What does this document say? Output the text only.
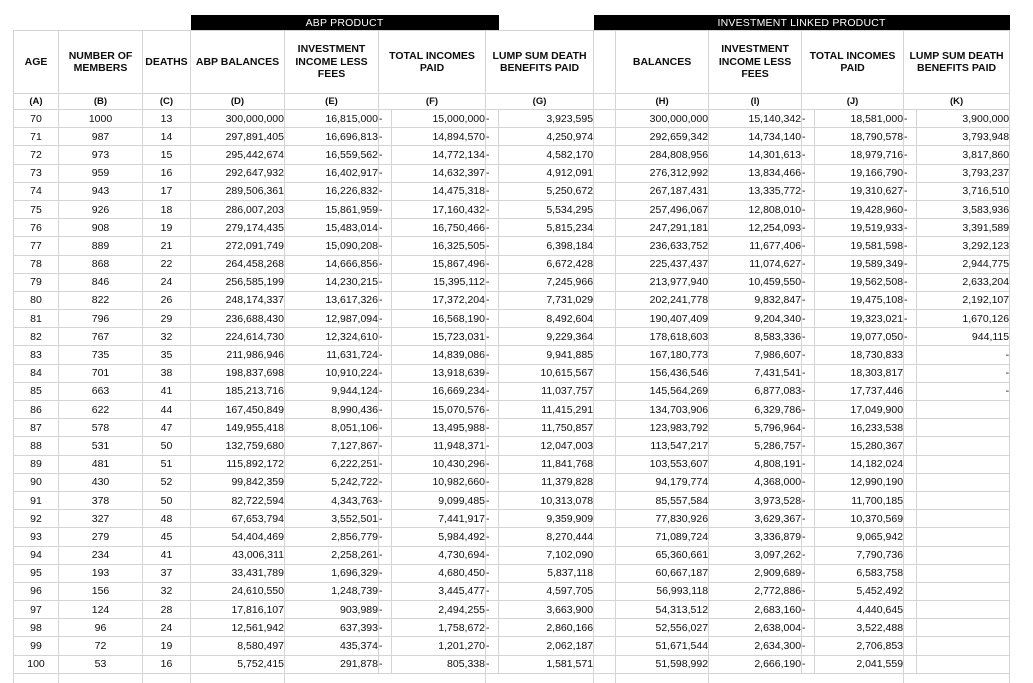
			ABP PRODUCT						INVESTMENT LINKED PRODUCT						
AGE	NUMBER OF MEMBERS	DEATHS	ABP BALANCES	INVESTMENT INCOME LESS FEES	TOTAL INCOMES PAID		LUMP SUM DEATH BENEFITS PAID			BALANCES	INVESTMENT INCOME LESS FEES	TOTAL INCOMES PAID		LUMP SUM DEATH BENEFITS PAID	
(A)	(B)	(C)	(D)	(E)	(F)		(G)			(H)	(I)	(J)		(K)	
70	1000	13	300,000,000	16,815,000	-	15,000,000	-	3,923,595		300,000,000	15,140,342	-	18,581,000	-	3,900,000
71	987	14	297,891,405	16,696,813	-	14,894,570	-	4,250,974		292,659,342	14,734,140	-	18,790,578	-	3,793,948
72	973	15	295,442,674	16,559,562	-	14,772,134	-	4,582,170		284,808,956	14,301,613	-	18,979,716	-	3,817,860
73	959	16	292,647,932	16,402,917	-	14,632,397	-	4,912,091		276,312,992	13,834,466	-	19,166,790	-	3,793,237
74	943	17	289,506,361	16,226,832	-	14,475,318	-	5,250,672		267,187,431	13,335,772	-	19,310,627	-	3,716,510
75	926	18	286,007,203	15,861,959	-	17,160,432	-	5,534,295		257,496,067	12,808,010	-	19,428,960	-	3,583,936
76	908	19	279,174,435	15,483,014	-	16,750,466	-	5,815,234		247,291,181	12,254,093	-	19,519,933	-	3,391,589
77	889	21	272,091,749	15,090,208	-	16,325,505	-	6,398,184		236,633,752	11,677,406	-	19,581,598	-	3,292,123
78	868	22	264,458,268	14,666,856	-	15,867,496	-	6,672,428		225,437,437	11,074,627	-	19,589,349	-	2,944,775
79	846	24	256,585,199	14,230,215	-	15,395,112	-	7,245,966		213,977,940	10,459,550	-	19,562,508	-	2,633,204
80	822	26	248,174,337	13,617,326	-	17,372,204	-	7,731,029		202,241,778	9,832,847	-	19,475,108	-	2,192,107
81	796	29	236,688,430	12,987,094	-	16,568,190	-	8,492,604		190,407,409	9,204,340	-	19,323,021	-	1,670,126
82	767	32	224,614,730	12,324,610	-	15,723,031	-	9,229,364		178,618,603	8,583,336	-	19,077,050	-	944,115
83	735	35	211,986,946	11,631,724	-	14,839,086	-	9,941,885		167,180,773	7,986,607	-	18,730,833		-
84	701	38	198,837,698	10,910,224	-	13,918,639	-	10,615,567		156,436,546	7,431,541	-	18,303,817		-
85	663	41	185,213,716	9,944,124	-	16,669,234	-	11,037,757		145,564,269	6,877,083	-	17,737,446		-
86	622	44	167,450,849	8,990,436	-	15,070,576	-	11,415,291		134,703,906	6,329,786	-	17,049,900		
87	578	47	149,955,418	8,051,106	-	13,495,988	-	11,750,857		123,983,792	5,796,964	-	16,233,538		
88	531	50	132,759,680	7,127,867	-	11,948,371	-	12,047,003		113,547,217	5,286,757	-	15,280,367		
89	481	51	115,892,172	6,222,251	-	10,430,296	-	11,841,768		103,553,607	4,808,191	-	14,182,024		
90	430	52	99,842,359	5,242,722	-	10,982,660	-	11,379,828		94,179,774	4,368,000	-	12,990,190		
91	378	50	82,722,594	4,343,763	-	9,099,485	-	10,313,078		85,557,584	3,973,528	-	11,700,185		
92	327	48	67,653,794	3,552,501	-	7,441,917	-	9,359,909		77,830,926	3,629,367	-	10,370,569		
93	279	45	54,404,469	2,856,779	-	5,984,492	-	8,270,444		71,089,724	3,336,879	-	9,065,942		
94	234	41	43,006,311	2,258,261	-	4,730,694	-	7,102,090		65,360,661	3,097,262	-	7,790,736		
95	193	37	33,431,789	1,696,329	-	4,680,450	-	5,837,118		60,667,187	2,909,689	-	6,583,758		
96	156	32	24,610,550	1,248,739	-	3,445,477	-	4,597,705		56,993,118	2,772,886	-	5,452,492		
97	124	28	17,816,107	903,989	-	2,494,255	-	3,663,900		54,313,512	2,683,160	-	4,440,645		
98	96	24	12,561,942	637,393	-	1,758,672	-	2,860,166		52,556,027	2,638,004	-	3,522,488		
99	72	19	8,580,497	435,374	-	1,201,270	-	2,062,187		51,671,544	2,634,300	-	2,706,853		
100	53	16	5,752,415	291,878	-	805,338	-	1,581,571		51,598,992	2,666,190	-	2,041,559		
